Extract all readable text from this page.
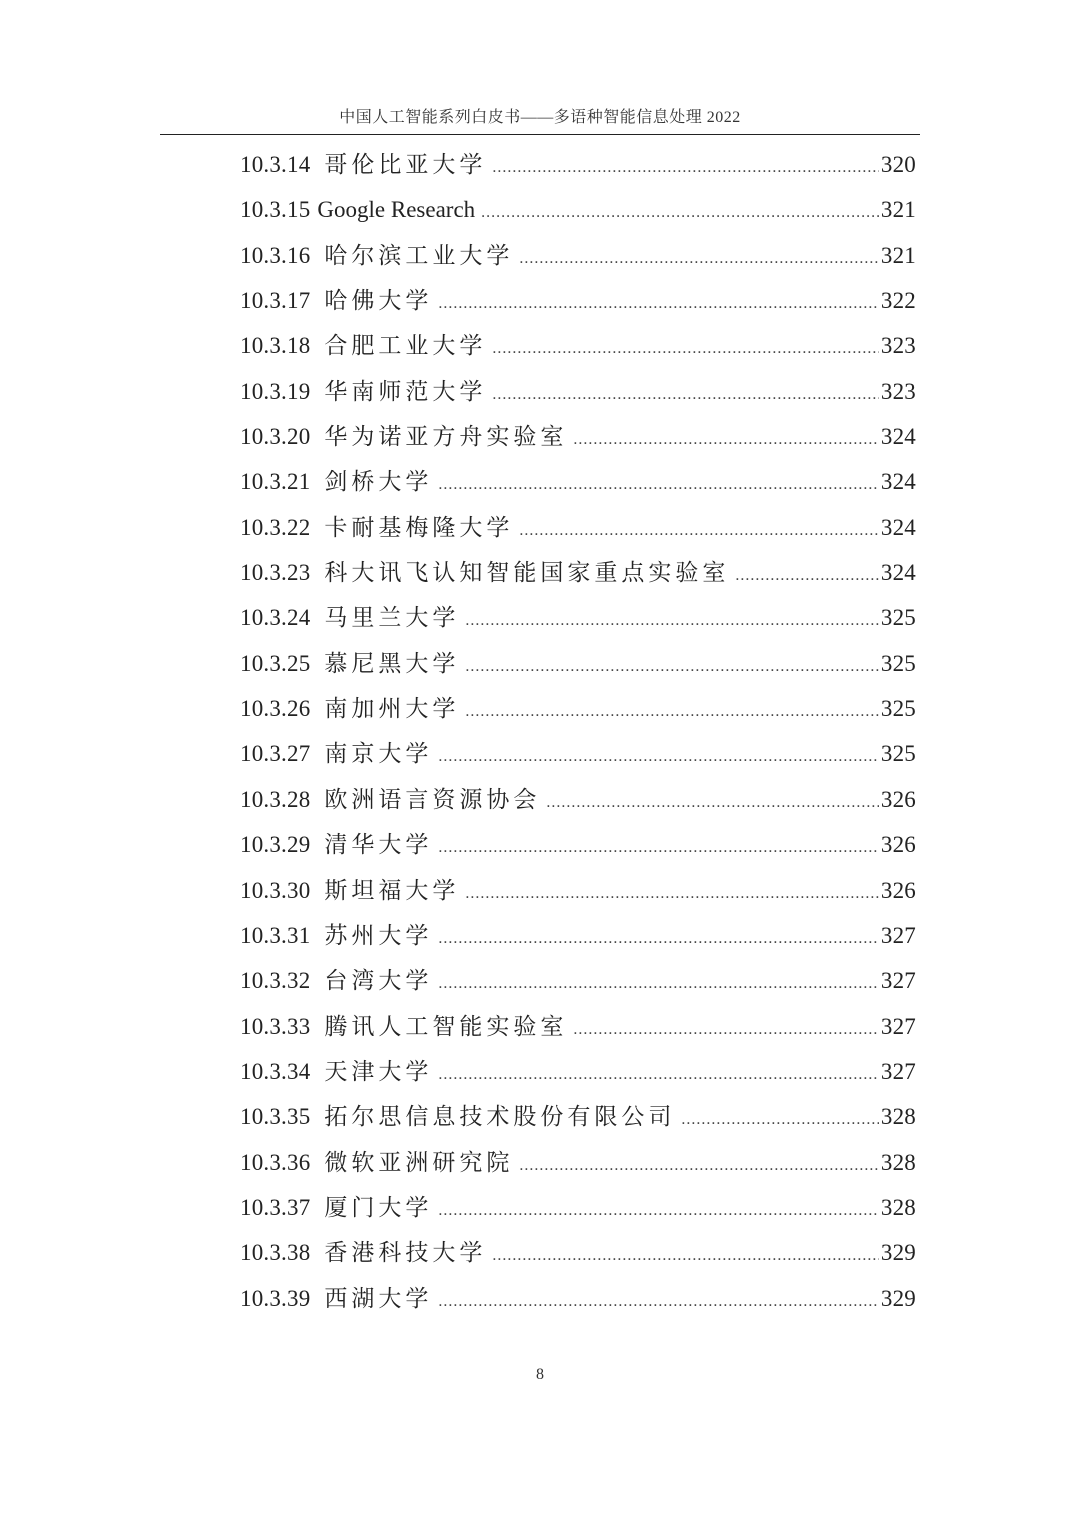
中国人工智能系列白皮书——多语种智能信息处理 2022
10.3.14 哥伦比亚大学 .....	320
10.3.15 Google Research .....	321
10.3.16 哈尔滨工业大学 .....	321
10.3.17 哈佛大学 .....	322
10.3.18 合肥工业大学 .....	323
10.3.19 华南师范大学 .....	323
10.3.20 华为诺亚方舟实验室 .....	324
10.3.21 剑桥大学 .....	324
10.3.22 卡耐基梅隆大学 .....	324
10.3.23 科大讯飞认知智能国家重点实验室 .....	324
10.3.24 马里兰大学 .....	325
10.3.25 慕尼黑大学 .....	325
10.3.26 南加州大学 .....	325
10.3.27 南京大学 .....	325
10.3.28 欧洲语言资源协会 .....	326
10.3.29 清华大学 .....	326
10.3.30 斯坦福大学 .....	326
10.3.31 苏州大学 .....	327
10.3.32 台湾大学 .....	327
10.3.33 腾讯人工智能实验室 .....	327
10.3.34 天津大学 .....	327
10.3.35 拓尔思信息技术股份有限公司 .....	328
10.3.36 微软亚洲研究院 .....	328
10.3.37 厦门大学 .....	328
10.3.38 香港科技大学 .....	329
10.3.39 西湖大学 .....	329
8
